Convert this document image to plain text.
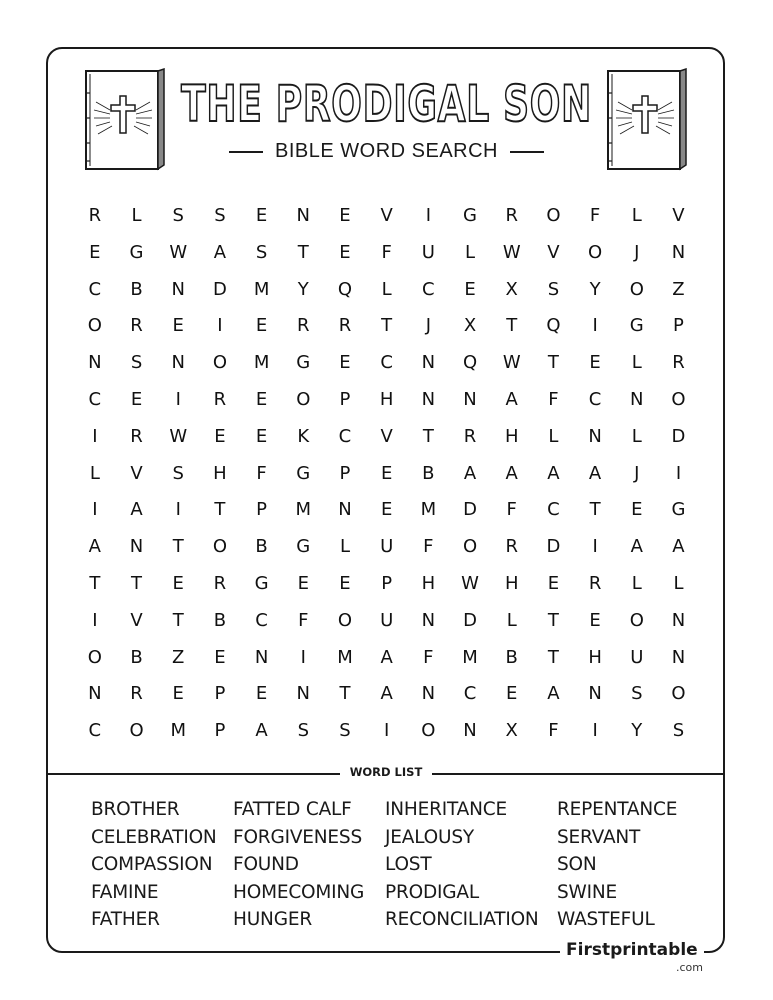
THE PRODIGAL SON
BIBLE WORD SEARCH
R	L	S	S	E	N	E	V	I	G	R	O	F	L	V
E	G	W	A	S	T	E	F	U	L	W	V	O	J	N
C	B	N	D	M	Y	Q	L	C	E	X	S	Y	O	Z
O	R	E	I	E	R	R	T	J	X	T	Q	I	G	P
N	S	N	O	M	G	E	C	N	Q	W	T	E	L	R
C	E	I	R	E	O	P	H	N	N	A	F	C	N	O
I	R	W	E	E	K	C	V	T	R	H	L	N	L	D
L	V	S	H	F	G	P	E	B	A	A	A	A	J	I
I	A	I	T	P	M	N	E	M	D	F	C	T	E	G
A	N	T	O	B	G	L	U	F	O	R	D	I	A	A
T	T	E	R	G	E	E	P	H	W	H	E	R	L	L
I	V	T	B	C	F	O	U	N	D	L	T	E	O	N
O	B	Z	E	N	I	M	A	F	M	B	T	H	U	N
N	R	E	P	E	N	T	A	N	C	E	A	N	S	O
C	O	M	P	A	S	S	I	O	N	X	F	I	Y	S
WORD LIST
BROTHER
CELEBRATION
COMPASSION
FAMINE
FATHER
FATTED CALF
FORGIVENESS
FOUND
HOMECOMING
HUNGER
INHERITANCE
JEALOUSY
LOST
PRODIGAL
RECONCILIATION
REPENTANCE
SERVANT
SON
SWINE
WASTEFUL
Firstprintable
.com
